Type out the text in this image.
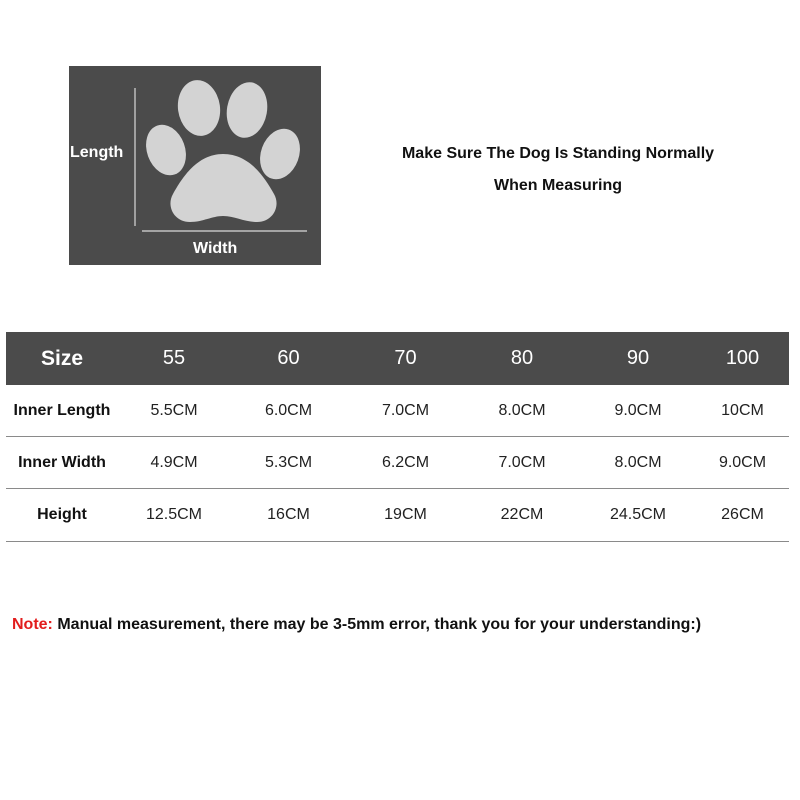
Length
Width
Make Sure The Dog Is Standing Normally
When Measuring
Size	55	60	70	80	90	100
Inner Length	5.5CM	6.0CM	7.0CM	8.0CM	9.0CM	10CM
Inner Width	4.9CM	5.3CM	6.2CM	7.0CM	8.0CM	9.0CM
Height	12.5CM	16CM	19CM	22CM	24.5CM	26CM
Note: Manual measurement, there may be 3-5mm error, thank you for your understanding:)
